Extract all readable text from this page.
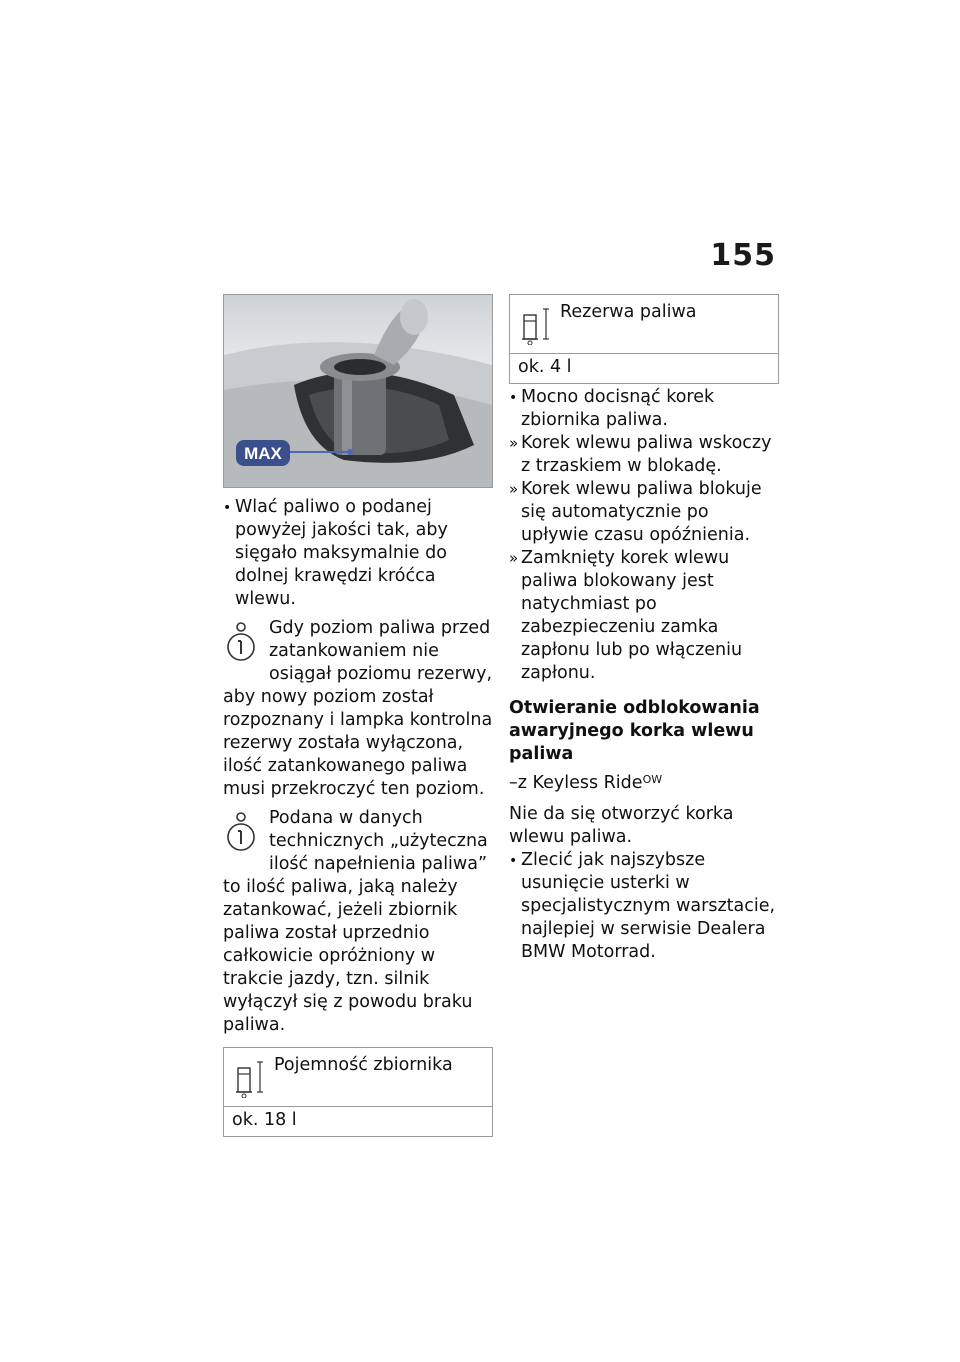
155
MAX
• Wlać paliwo o podanej powyżej jakości tak, aby sięgało maksymalnie do dolnej krawędzi króćca wlewu.
Gdy poziom paliwa przed zatankowaniem nie osiągał poziomu rezerwy, aby nowy poziom został rozpoznany i lampka kontrolna rezerwy została wyłączona, ilość zatankowanego paliwa musi przekroczyć ten poziom.
Podana w danych technicznych „użyteczna ilość napełnienia paliwa” to ilość paliwa, jaką należy zatankować, jeżeli zbiornik paliwa został uprzednio całkowicie opróżniony w trakcie jazdy, tzn. silnik wyłączył się z powodu braku paliwa.
Pojemność zbiornika
ok. 18 l
Rezerwa paliwa
ok. 4 l
• Mocno docisnąć korek zbiornika paliwa.
» Korek wlewu paliwa wskoczy z trzaskiem w blokadę.
» Korek wlewu paliwa blokuje się automatycznie po upływie czasu opóźnienia.
» Zamknięty korek wlewu paliwa blokowany jest natychmiast po zabezpieczeniu zamka zapłonu lub po włączeniu zapłonu.
Otwieranie odblokowania awaryjnego korka wlewu paliwa
–z Keyless Ride$^{OW}$
Nie da się otworzyć korka wlewu paliwa.
• Zlecić jak najszybsze usunięcie usterki w specjalistycznym warsztacie, najlepiej w serwisie Dealera BMW Motorrad.
